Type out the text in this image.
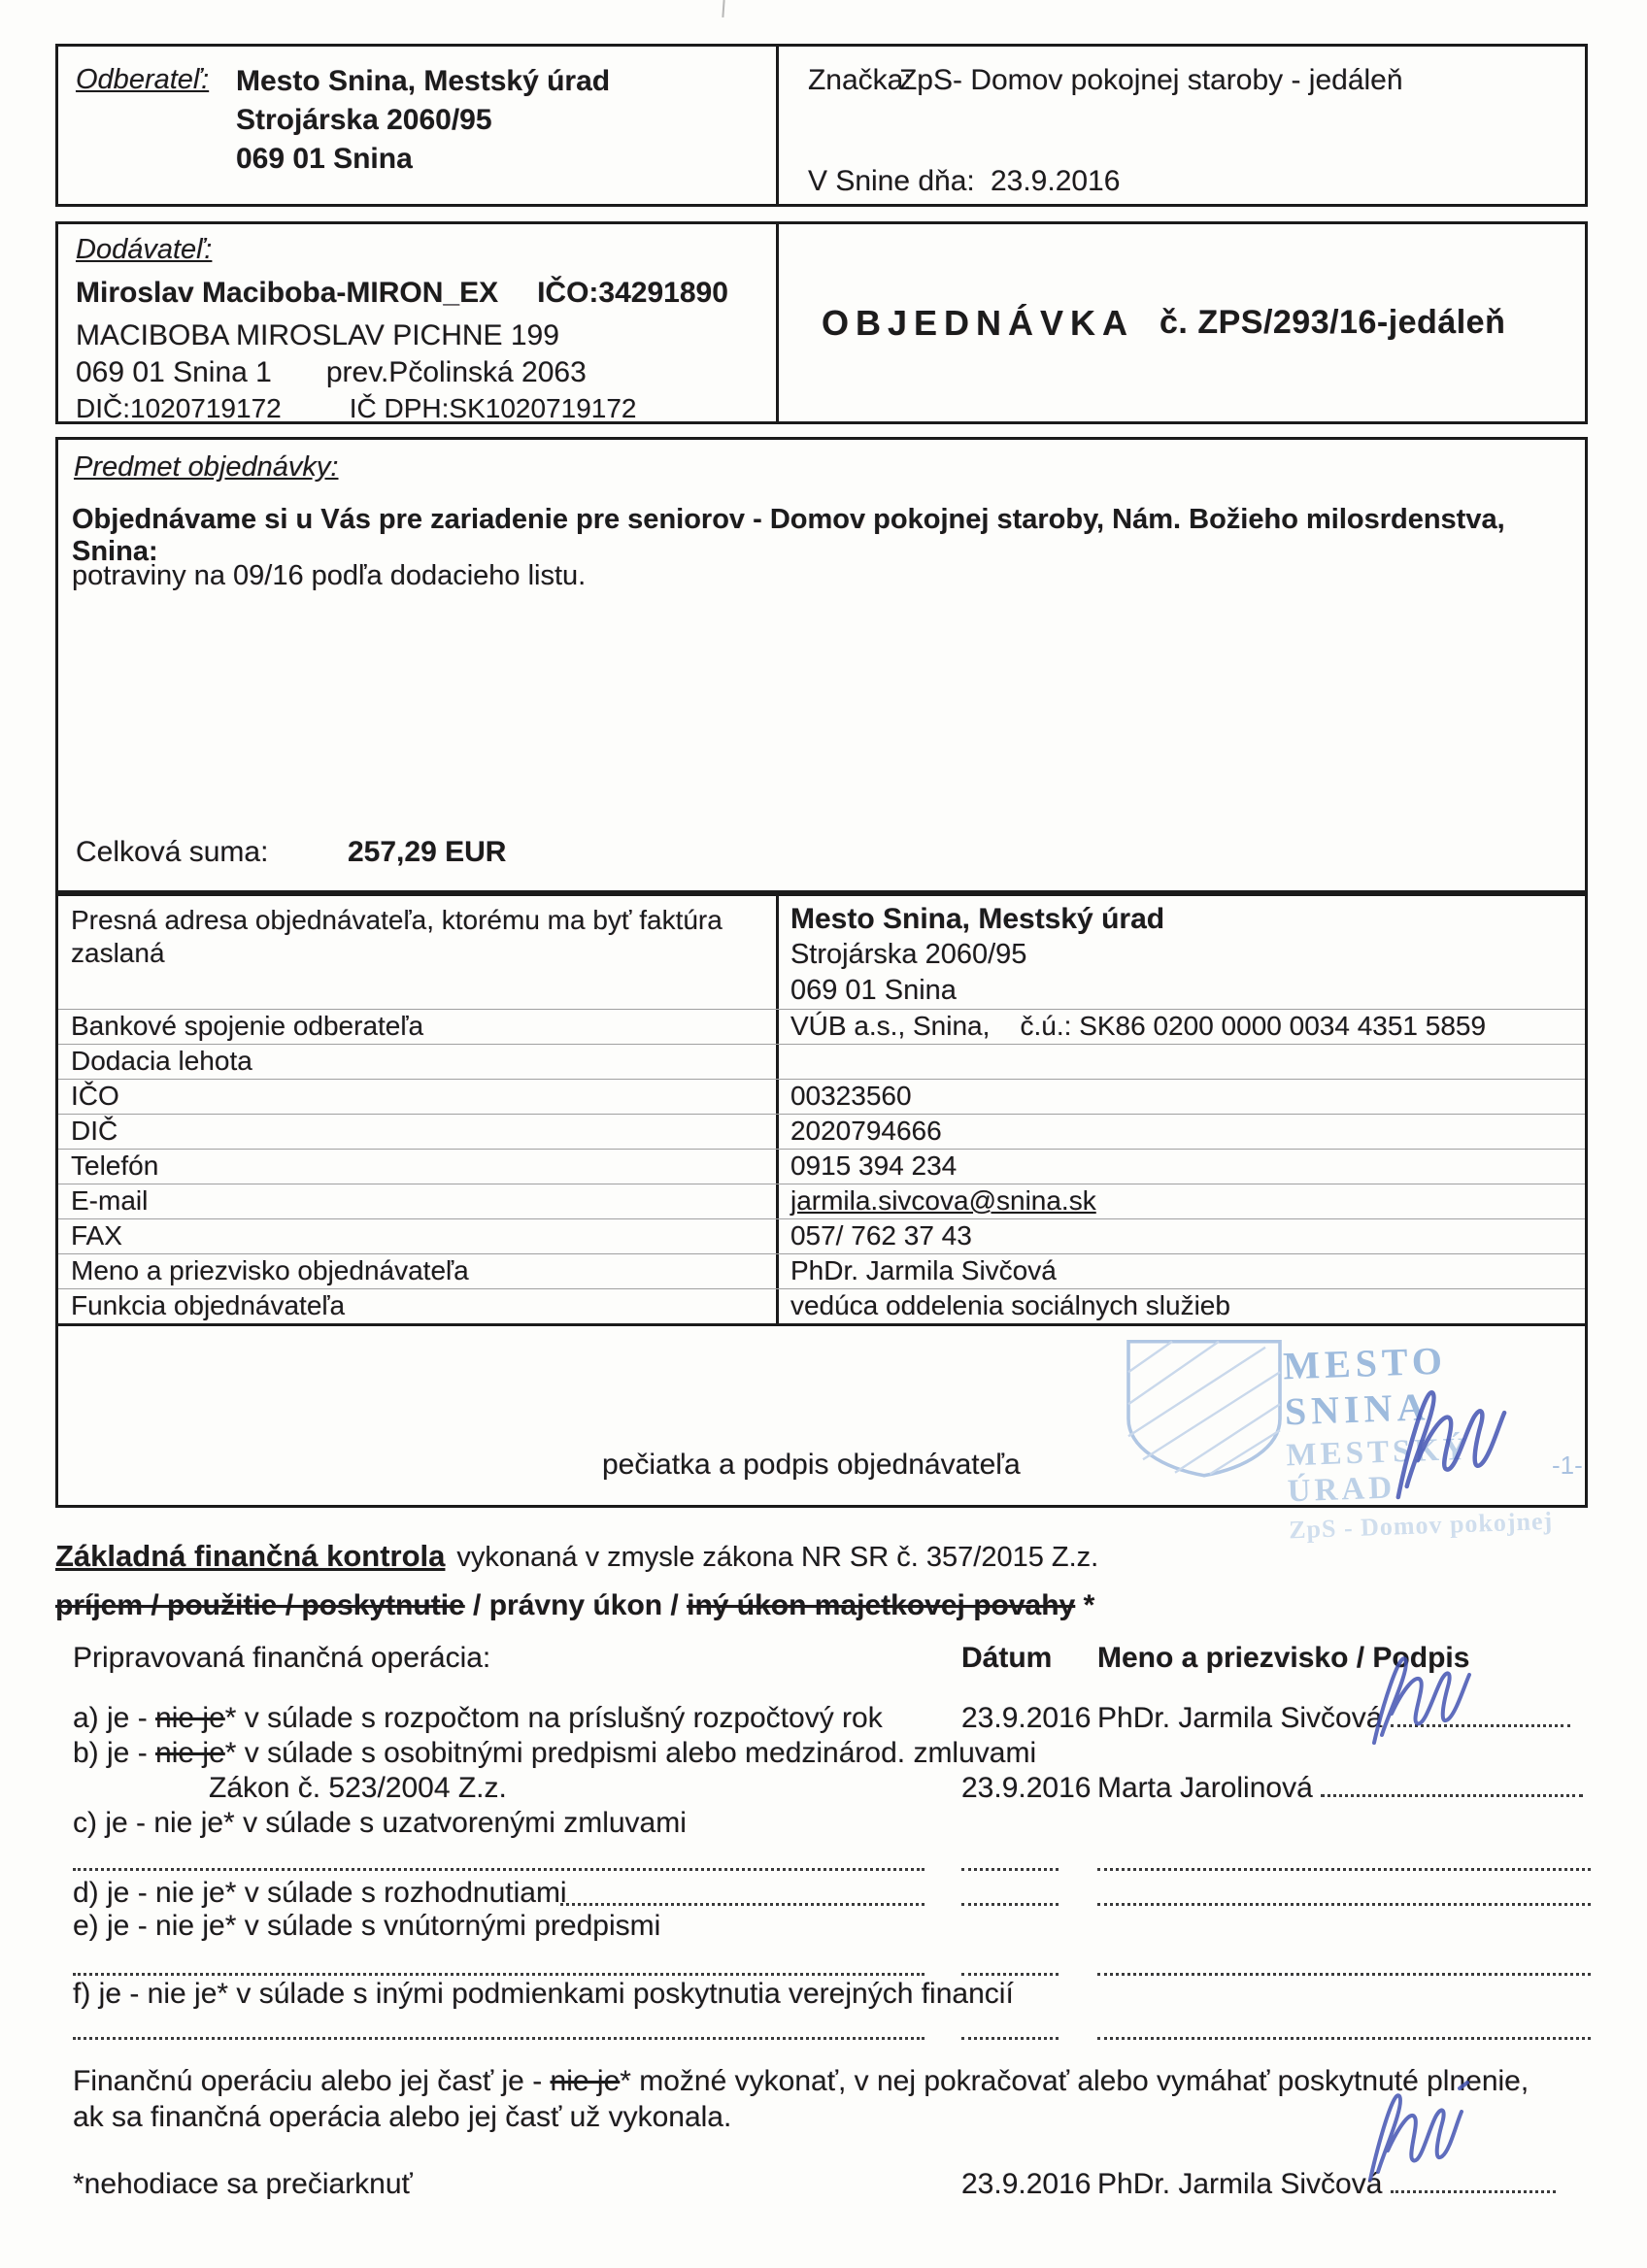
Odberateľ: Mesto Snina, Mestský úrad
Strojárska 2060/95
069 01 Snina
Značka:
ZpS- Domov pokojnej staroby - jedáleň
V Snine dňa: 23.9.2016
Dodávateľ:
Miroslav Maciboba-MIRON_EX IČO:34291890
MACIBOBA MIROSLAV PICHNE 199
069 01 Snina 1 prev.Pčolinská 2063
DIČ:1020719172	IČ DPH:SK1020719172
OBJEDNÁVKA č. ZPS/293/16-jedáleň
Predmet objednávky:
Objednávame si u Vás pre zariadenie pre seniorov - Domov pokojnej staroby, Nám. Božieho milosrdenstva, Snina:
potraviny na 09/16 podľa dodacieho listu.
Celková suma:	257,29 EUR
Presná adresa objednávateľa, ktorému ma byť faktúra zaslaná
Mesto Snina, Mestský úrad
Strojárska 2060/95
069 01 Snina
Bankové spojenie odberateľa	VÚB a.s., Snina,    č.ú.: SK86 0200 0000 0034 4351 5859
Dodacia lehota
IČO	00323560
DIČ	2020794666
Telefón	0915 394 234
E-mail	jarmila.sivcova@snina.sk
FAX	057/ 762 37 43
Meno a priezvisko objednávateľa	PhDr. Jarmila Sivčová
Funkcia objednávateľa	vedúca oddelenia sociálnych služieb
pečiatka a podpis objednávateľa
MESTO SNINA
MESTSKÝ ÚRAD
ZpS - Domov pokojnej
-1-
Základná finančná kontrola vykonaná v zmysle zákona NR SR č. 357/2015 Z.z.
príjem / použitie / poskytnutie / právny úkon / iný úkon majetkovej povahy *
Pripravovaná finančná operácia:	Dátum Meno a priezvisko / Podpis
a) je - nie je* v súlade s rozpočtom na príslušný rozpočtový rok	23.9.2016 PhDr. Jarmila Sivčová
b) je - nie je* v súlade s osobitnými predpismi alebo medzinárod. zmluvami
Zákon č. 523/2004 Z.z.	23.9.2016 Marta Jarolinová
c) je - nie je* v súlade s uzatvorenými zmluvami
d) je - nie je* v súlade s rozhodnutiami
e) je - nie je* v súlade s vnútornými predpismi
f) je - nie je* v súlade s inými podmienkami poskytnutia verejných financií
Finančnú operáciu alebo jej časť je - nie je* možné vykonať, v nej pokračovať alebo vymáhať poskytnuté plnenie,
ak sa finančná operácia alebo jej časť už vykonala.
*nehodiace sa prečiarknuť	23.9.2016 PhDr. Jarmila Sivčová
